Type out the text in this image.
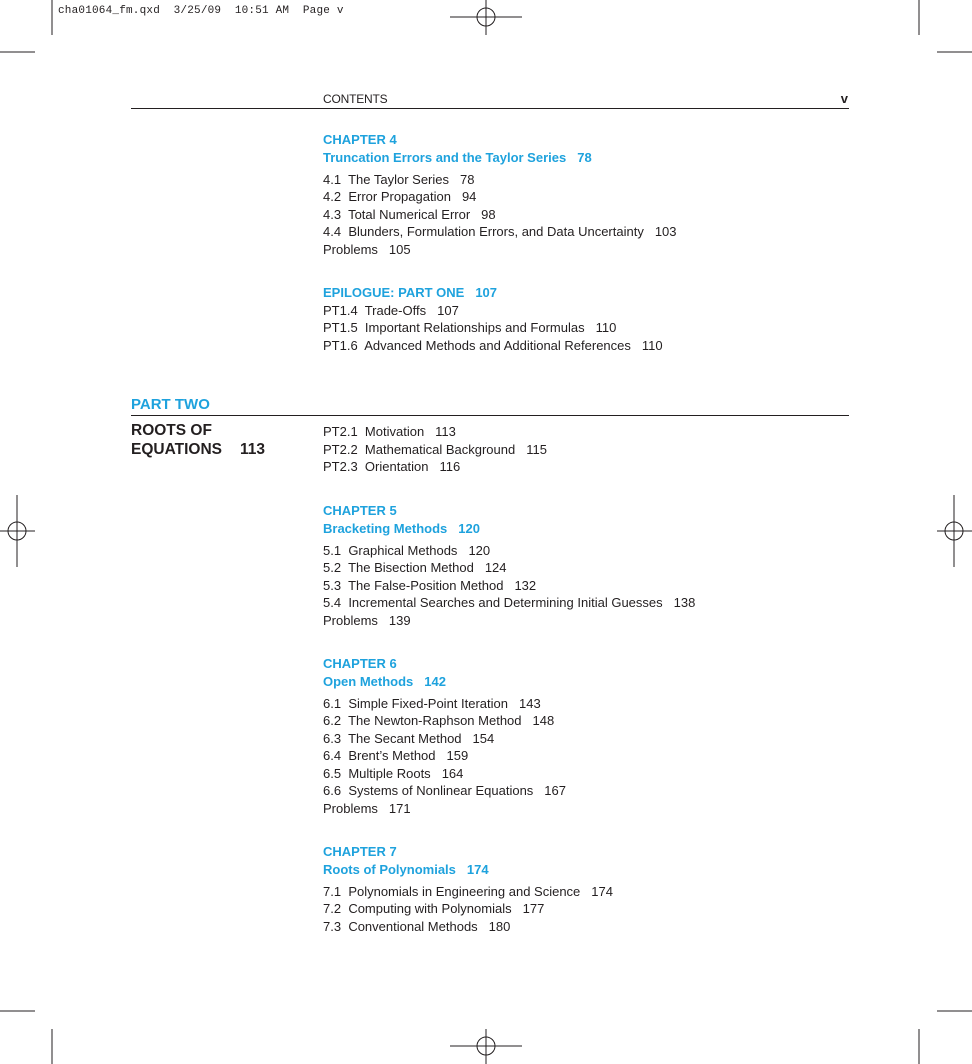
cha01064_fm.qxd  3/25/09  10:51 AM  Page v
CONTENTS	v
CHAPTER 4
Truncation Errors and the Taylor Series 78
4.1 The Taylor Series 78
4.2 Error Propagation 94
4.3 Total Numerical Error 98
4.4 Blunders, Formulation Errors, and Data Uncertainty 103
Problems 105
EPILOGUE: PART ONE 107
PT1.4 Trade-Offs 107
PT1.5 Important Relationships and Formulas 110
PT1.6 Advanced Methods and Additional References 110
PART TWO
ROOTS OF
EQUATIONS 113
PT2.1 Motivation 113
PT2.2 Mathematical Background 115
PT2.3 Orientation 116
CHAPTER 5
Bracketing Methods 120
5.1 Graphical Methods 120
5.2 The Bisection Method 124
5.3 The False-Position Method 132
5.4 Incremental Searches and Determining Initial Guesses 138
Problems 139
CHAPTER 6
Open Methods 142
6.1 Simple Fixed-Point Iteration 143
6.2 The Newton-Raphson Method 148
6.3 The Secant Method 154
6.4 Brent’s Method 159
6.5 Multiple Roots 164
6.6 Systems of Nonlinear Equations 167
Problems 171
CHAPTER 7
Roots of Polynomials 174
7.1 Polynomials in Engineering and Science 174
7.2 Computing with Polynomials 177
7.3 Conventional Methods 180
